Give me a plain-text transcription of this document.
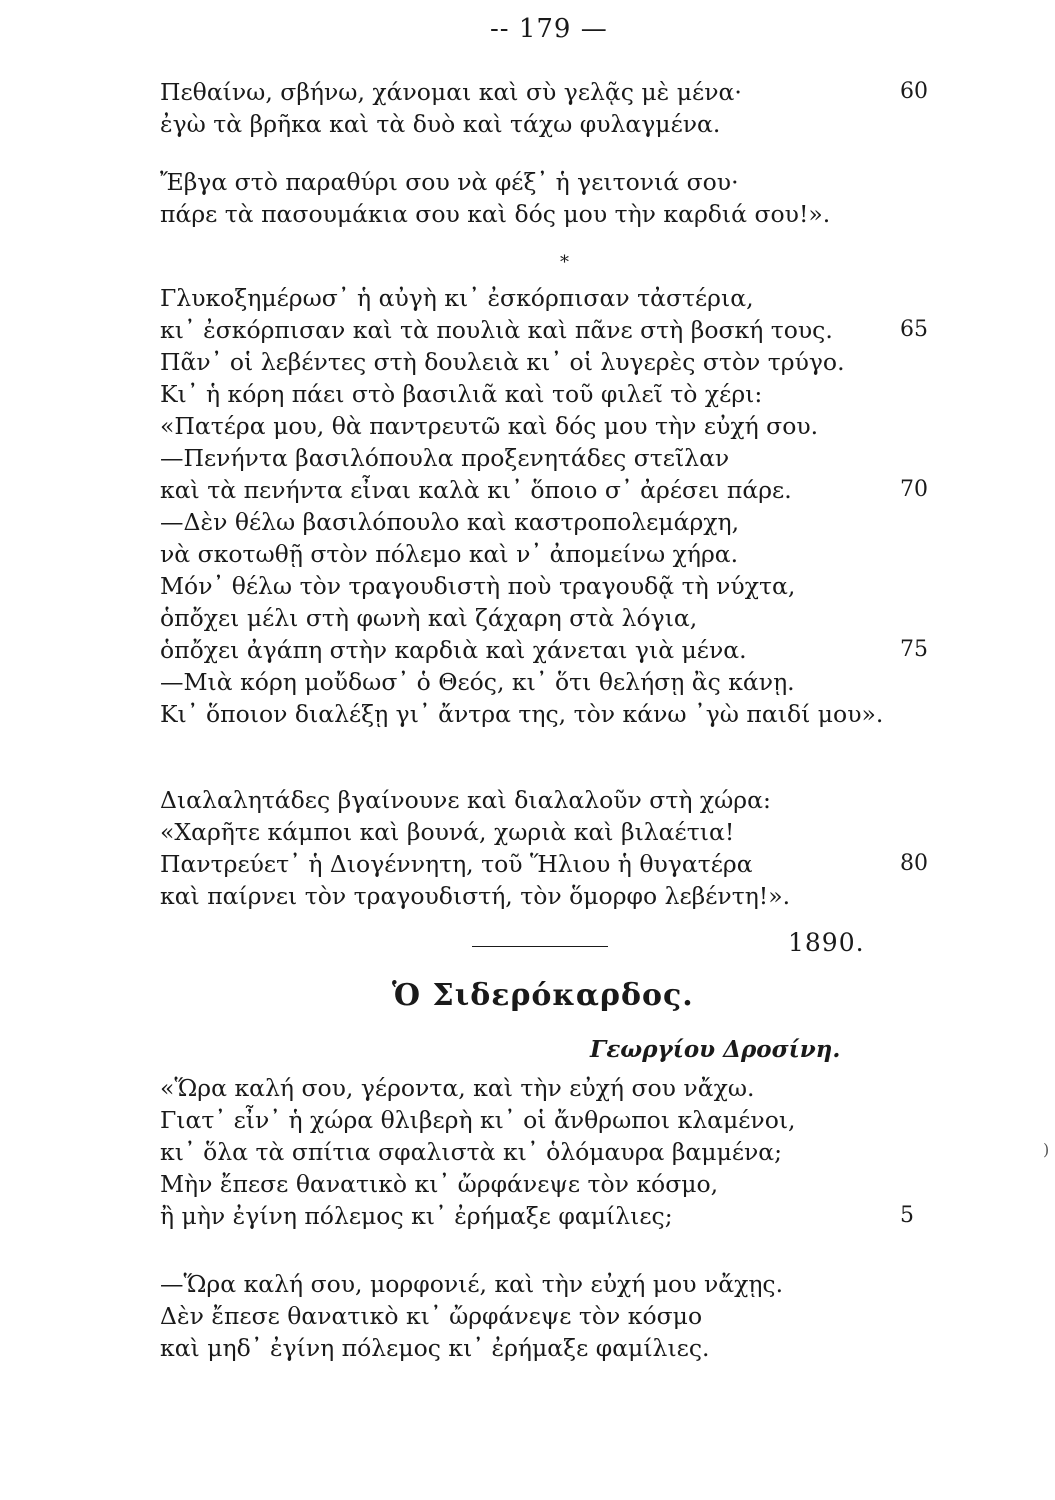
-- 179 —
Πεθαίνω, σβήνω, χάνομαι καὶ σὺ γελᾷς μὲ μένα·	60
ἐγὼ τὰ βρῆκα καὶ τὰ δυὸ καὶ τάχω φυλαγμένα.
Ἔβγα στὸ παραθύρι σου νὰ φέξ᾽ ἡ γειτονιά σου·
πάρε τὰ πασουμάκια σου καὶ δός μου τὴν καρδιά σου!».
*
Γλυκοξημέρωσ᾽ ἡ αὐγὴ κι᾽ ἐσκόρπισαν τἀστέρια,
κι᾽ ἐσκόρπισαν καὶ τὰ πουλιὰ καὶ πᾶνε στὴ βοσκή τους.	65
Πᾶν᾽ οἱ λεβέντες στὴ δουλειὰ κι᾽ οἱ λυγερὲς στὸν τρύγο.
Κι᾽ ἡ κόρη πάει στὸ βασιλιᾶ καὶ τοῦ φιλεῖ τὸ χέρι:
«Πατέρα μου, θὰ παντρευτῶ καὶ δός μου τὴν εὐχή σου.
—Πενήντα βασιλόπουλα προξενητάδες στεῖλαν
καὶ τὰ πενήντα εἶναι καλὰ κι᾽ ὅποιο σ᾽ ἀρέσει πάρε.	70
—Δὲν θέλω βασιλόπουλο καὶ καστροπολεμάρχη,
νὰ σκοτωθῇ στὸν πόλεμο καὶ ν᾽ ἀπομείνω χήρα.
Μόν᾽ θέλω τὸν τραγουδιστὴ ποὺ τραγουδᾷ τὴ νύχτα,
ὁπὄχει μέλι στὴ φωνὴ καὶ ζάχαρη στὰ λόγια,
ὁπὄχει ἀγάπη στὴν καρδιὰ καὶ χάνεται γιὰ μένα.	75
—Μιὰ κόρη μοὔδωσ᾽ ὁ Θεός, κι᾽ ὅτι θελήσῃ ἂς κάνῃ.
Κι᾽ ὅποιον διαλέξῃ γι᾽ ἄντρα της, τὸν κάνω ᾽γὼ παιδί μου».
Διαλαλητάδες βγαίνουνε καὶ διαλαλοῦν στὴ χώρα:
«Χαρῆτε κάμποι καὶ βουνά, χωριὰ καὶ βιλαέτια!
Παντρεύετ᾽ ἡ Διογέννητη, τοῦ Ἥλιου ἡ θυγατέρα	80
καὶ παίρνει τὸν τραγουδιστή, τὸν ὅμορφο λεβέντη!».
1890.
Ὁ Σιδερόκαρδος.
Γεωργίου Δροσίνη.
«Ὥρα καλή σου, γέροντα, καὶ τὴν εὐχή σου νἄχω.
Γιατ᾽ εἶν᾽ ἡ χώρα θλιβερὴ κι᾽ οἱ ἄνθρωποι κλαμένοι,
κι᾽ ὅλα τὰ σπίτια σφαλιστὰ κι᾽ ὁλόμαυρα βαμμένα;
Μὴν ἔπεσε θανατικὸ κι᾽ ὤρφάνεψε τὸν κόσμο,
ἢ μὴν ἐγίνη πόλεμος κι᾽ ἐρήμαξε φαμίλιες;	5
—Ὥρα καλή σου, μορφονιέ, καὶ τὴν εὐχή μου νἄχῃς.
Δὲν ἔπεσε θανατικὸ κι᾽ ὤρφάνεψε τὸν κόσμο
καὶ μηδ᾽ ἐγίνη πόλεμος κι᾽ ἐρήμαξε φαμίλιες.
)
